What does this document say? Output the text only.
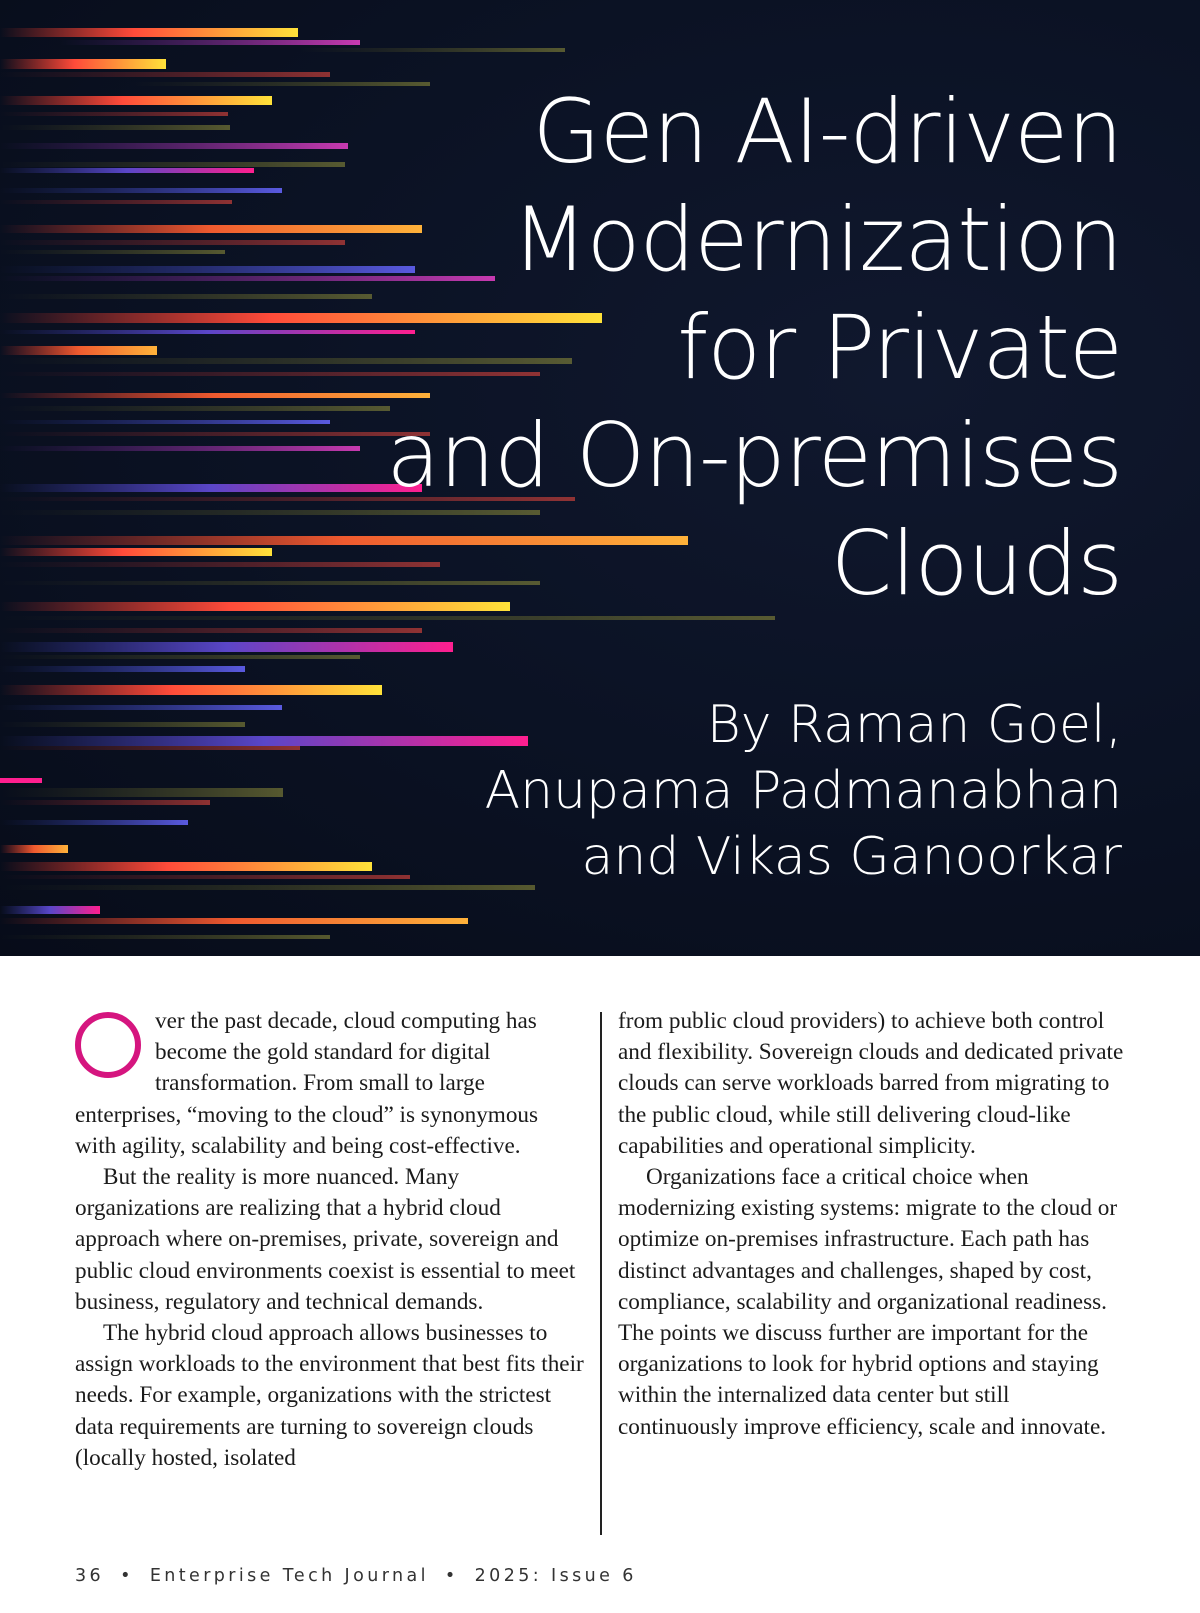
Gen AI-driven
Modernization
for Private
and On-premises
Clouds
By Raman Goel,
Anupama Padmanabhan
and Vikas Ganoorkar

ver the past decade, cloud computing has become the gold standard for digital transformation. From small to large enterprises, “moving to the cloud” is synonymous with agility, scalability and being cost-effective.

But the reality is more nuanced. Many organizations are realizing that a hybrid cloud approach where on-premises, private, sovereign and public cloud environments coexist is essential to meet business, regulatory and technical demands.

The hybrid cloud approach allows businesses to assign workloads to the environment that best fits their needs. For example, organizations with the strictest data requirements are turning to sovereign clouds (locally hosted, isolated

from public cloud providers) to achieve both control and flexibility. Sovereign clouds and dedicated private clouds can serve workloads barred from migrating to the public cloud, while still delivering cloud-like capabilities and operational simplicity.

Organizations face a critical choice when modernizing existing systems: migrate to the cloud or optimize on-premises infrastructure. Each path has distinct advantages and challenges, shaped by cost, compliance, scalability and organizational readiness. The points we discuss further are important for the organizations to look for hybrid options and staying within the internalized data center but still continuously improve efficiency, scale and innovate.

36 • Enterprise Tech Journal • 2025: Issue 6
